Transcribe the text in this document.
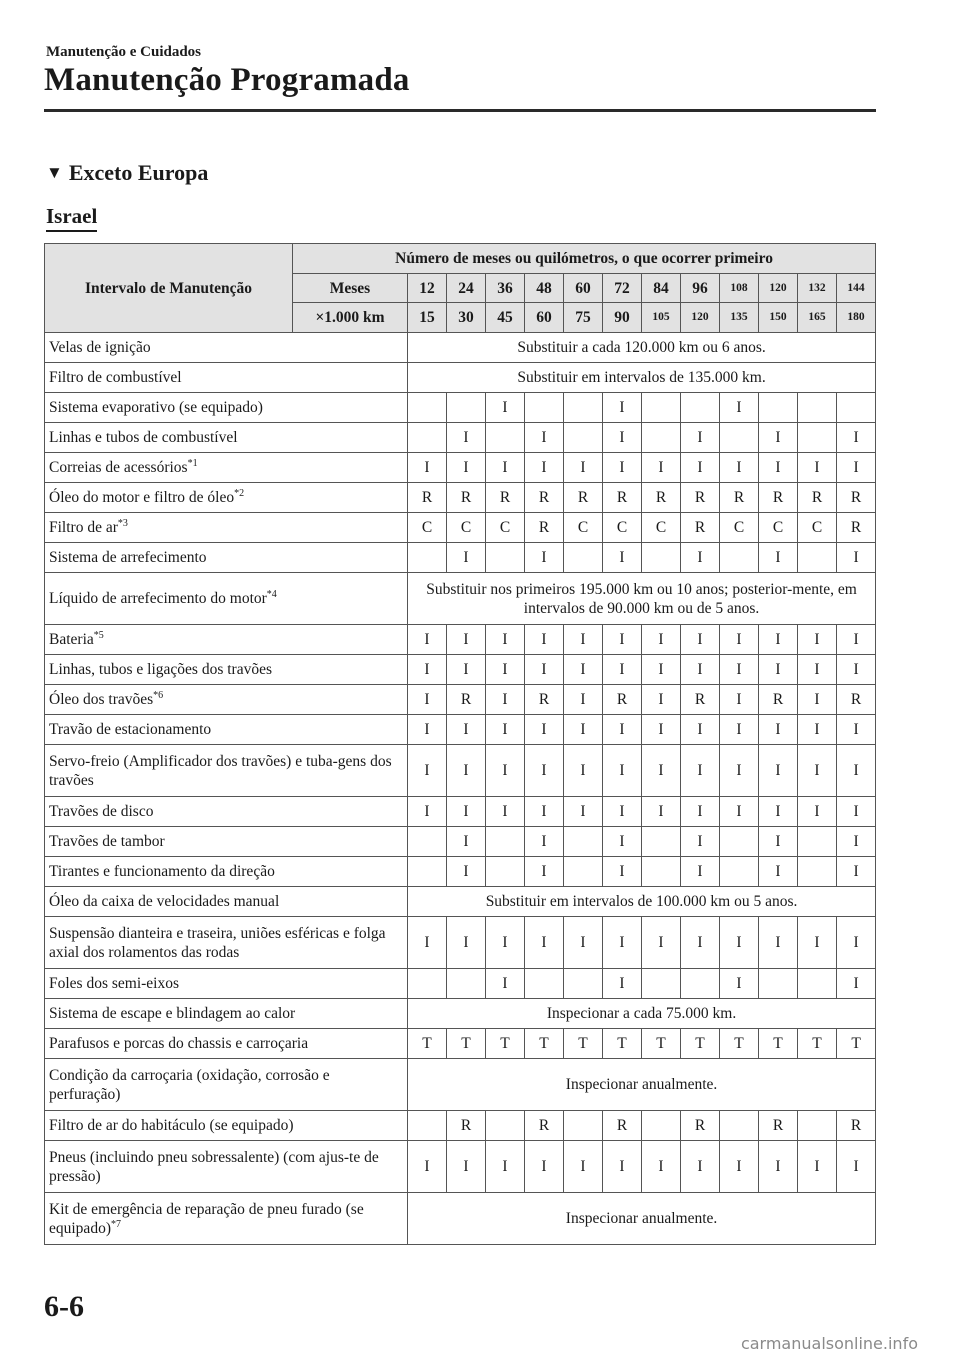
Manutenção e Cuidados
Manutenção Programada
▼ Exceto Europa
Israel
Intervalo de Manutenção	Número de meses ou quilómetros, o que ocorrer primeiro												
	Meses	12	24	36	48	60	72	84	96	108	120	132	144
	×1.000 km	15	30	45	60	75	90	105	120	135	150	165	180
Velas de ignição		Substituir a cada 120.000 km ou 6 anos.											
Filtro de combustível		Substituir em intervalos de 135.000 km.											
Sistema evaporativo (se equipado)				I			I			I			
Linhas e tubos de combustível			I		I		I		I		I		I
Correias de acessórios$^{*1}$		I	I	I	I	I	I	I	I	I	I	I	I
Óleo do motor e filtro de óleo$^{*2}$		R	R	R	R	R	R	R	R	R	R	R	R
Filtro de $ar^{*3}$		C	C	C	R	C	C	C	R	C	C	C	R
Sistema de arrefecimento			I		I		I		I		I		I
Líquido de arrefecimento do motor$^{*4}$		Substituir nos primeiros 195.000 km ou 10 anos; posterior-mente, em intervalos de 90.000 km ou de 5 anos.											
Bateria$^{*5}$		I	I	I	I	I	I	I	I	I	I	I	I
Linhas, tubos e ligações dos travões		I	I	I	I	I	I	I	I	I	I	I	I
Óleo dos travões$^{*6}$		I	R	I	R	I	R	I	R	I	R	I	R
Travão de estacionamento		I	I	I	I	I	I	I	I	I	I	I	I
Servo-freio (Amplificador dos travões) e tuba-gens dos travões		I	I	I	I	I	I	I	I	I	I	I	I
Travões de disco		I	I	I	I	I	I	I	I	I	I	I	I
Travões de tambor			I		I		I		I		I		I
Tirantes e funcionamento da direção			I		I		I		I		I		I
Óleo da caixa de velocidades manual		Substituir em intervalos de 100.000 km ou 5 anos.											
Suspensão dianteira e traseira, uniões esféricas e folga axial dos rolamentos das rodas		I	I	I	I	I	I	I	I	I	I	I	I
Foles dos semi-eixos				I			I			I			I
Sistema de escape e blindagem ao calor		Inspecionar a cada 75.000 km.											
Parafusos e porcas do chassis e carroçaria		T	T	T	T	T	T	T	T	T	T	T	T
Condição da carroçaria (oxidação, corrosão e perfuração)		Inspecionar anualmente.											
Filtro de ar do habitáculo (se equipado)			R		R		R		R		R		R
Pneus (incluindo pneu sobressalente) (com ajus-te de pressão)		I	I	I	I	I	I	I	I	I	I	I	I
Kit de emergência de reparação de pneu furado (se equipado)$^{*7}$		Inspecionar anualmente.											
6-6
carmanualsonline.info
